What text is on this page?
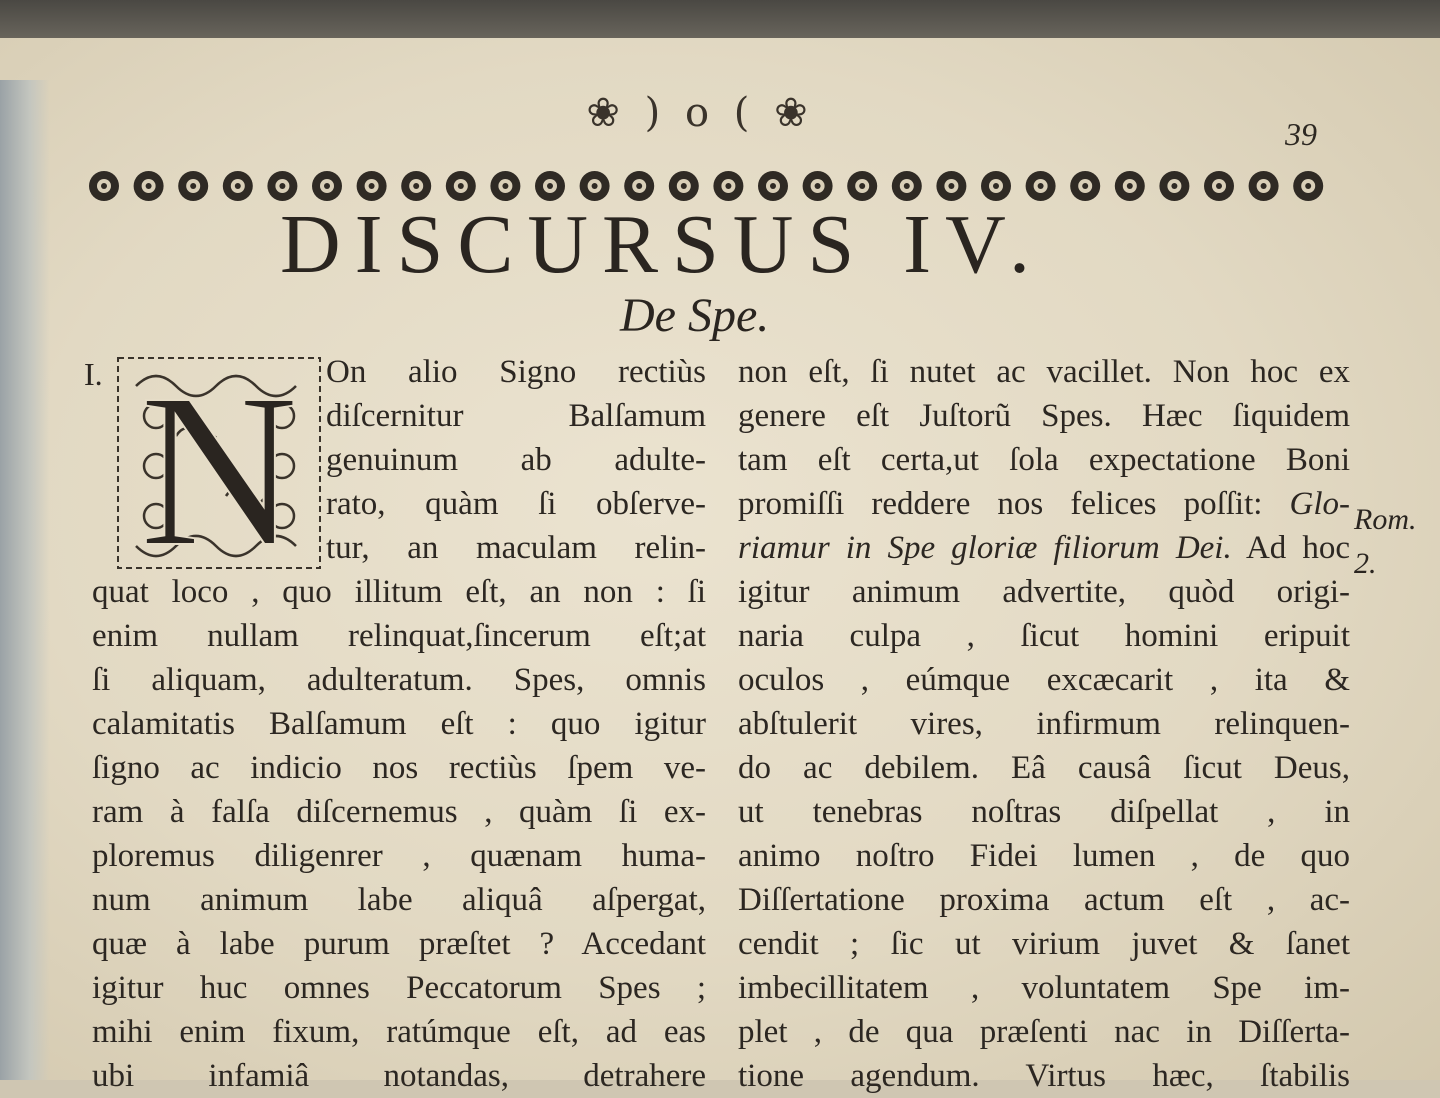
❀ ) o ( ❀	39
DISCURSUS IV.
De Spe.
I. N On alio Signo rectiùs
diſcernitur Balſamum
genuinum ab adulte-
rato, quàm ſi obſerve-
tur, an maculam relin-
quat loco , quo illitum eſt, an non : ſi
enim nullam relinquat,ſincerum eſt;at
ſi aliquam, adulteratum. Spes, omnis
calamitatis Balſamum eſt : quo igitur
ſigno ac indicio nos rectiùs ſpem ve-
ram à falſa diſcernemus , quàm ſi ex-
ploremus diligenrer , quænam huma-
num animum labe aliquâ aſpergat,
quæ à labe purum præſtet ? Accedant
igitur huc omnes Peccatorum Spes ;
mihi enim fixum, ratúmque eſt, ad eas
ubi infamiâ notandas, detrahere
non eſt, ſi nutet ac vacillet. Non hoc ex
genere eſt Juſtorũ Spes. Hæc ſiquidem
tam eſt certa,ut ſola expectatione Boni
promiſſi reddere nos felices poſſit: Glo-
riamur in Spe gloriæ filiorum Dei. Ad hoc
igitur animum advertite, quòd origi-
naria culpa , ſicut homini eripuit
oculos , eúmque excæcarit , ita &
abſtulerit vires, infirmum relinquen-
do ac debilem. Eâ causâ ſicut Deus,
ut tenebras noſtras diſpellat , in
animo noſtro Fidei lumen , de quo
Diſſertatione proxima actum eſt , ac-
cendit ; ſic ut virium juvet & ſanet
imbecillitatem , voluntatem Spe im-
plet , de qua præſenti nac in Diſſerta-
tione agendum. Virtus hæc, ſtabilis
Rom.
2.
